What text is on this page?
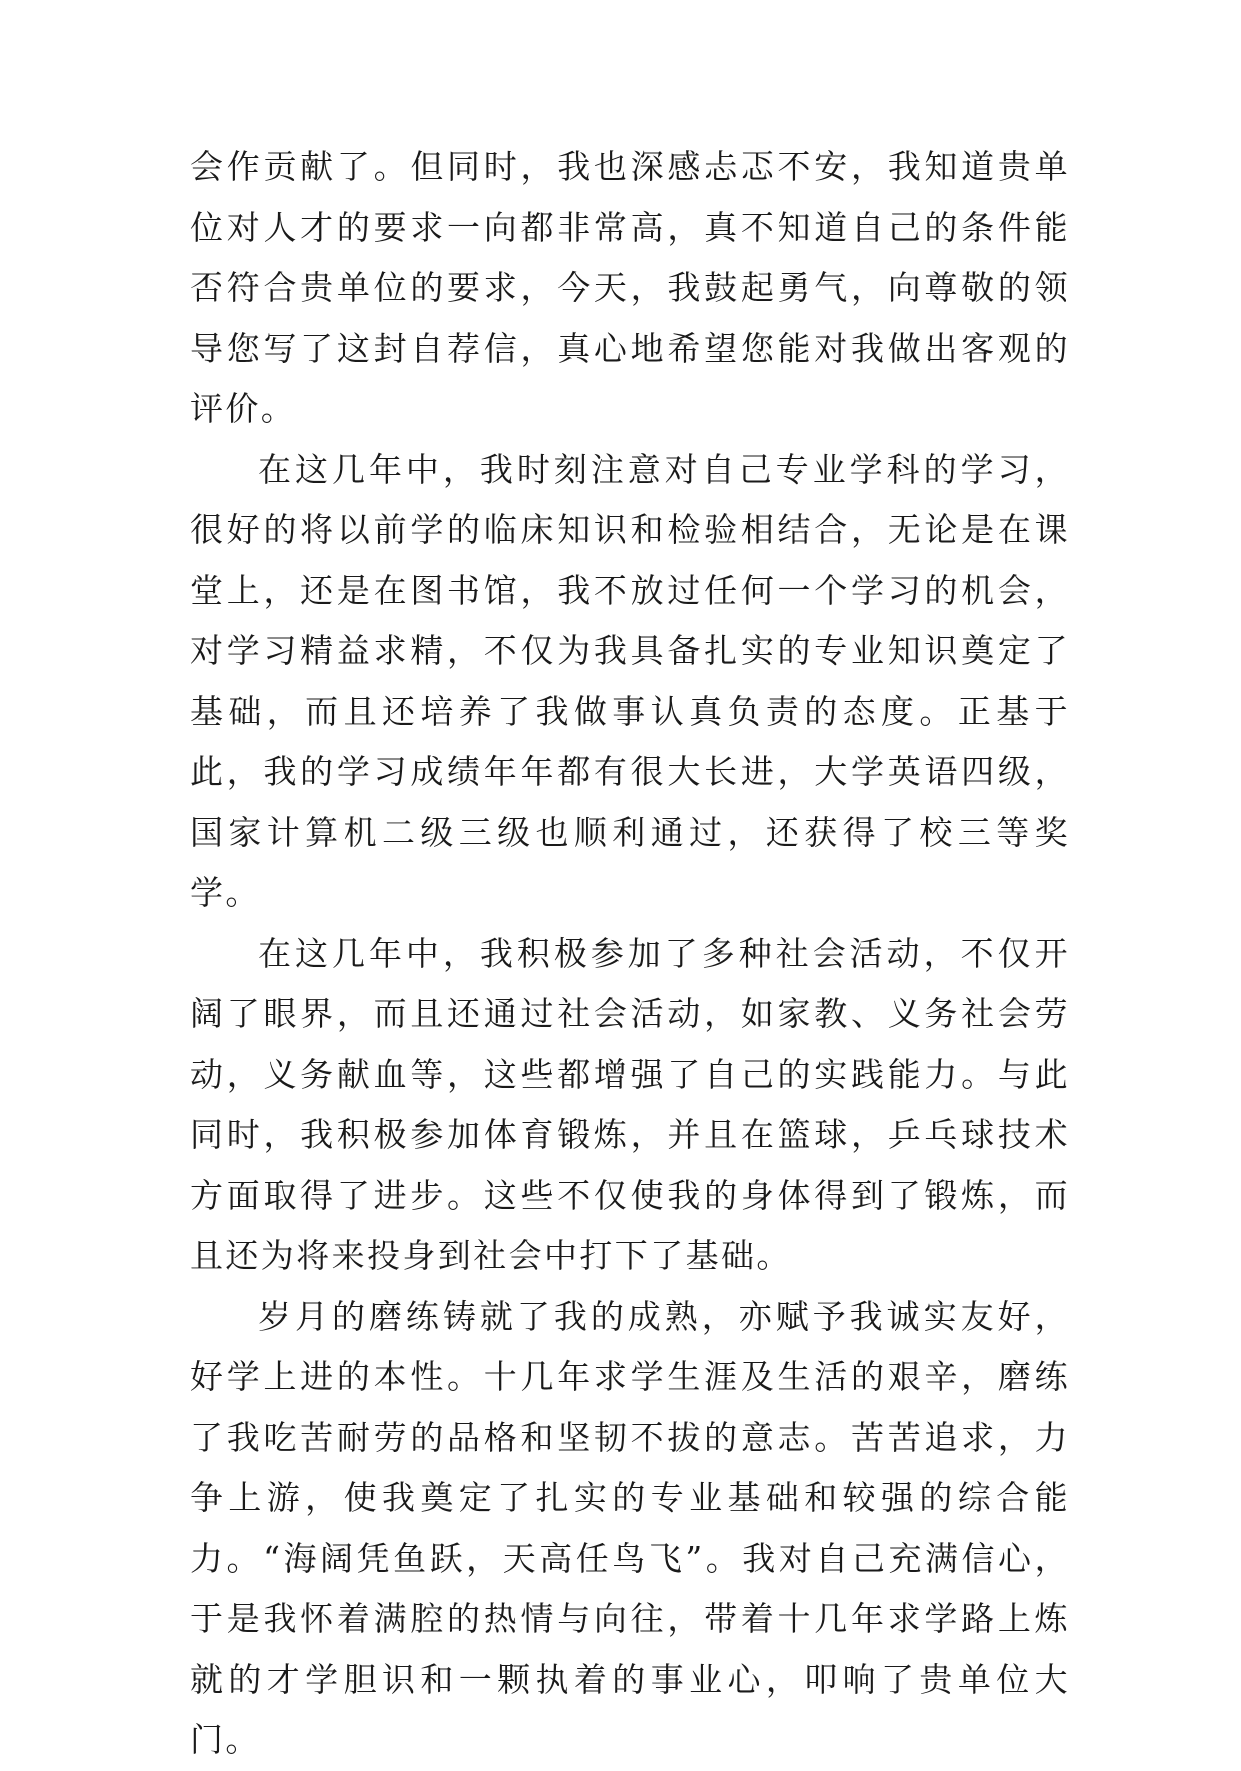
会作贡献了。但同时，我也深感忐忑不安，我知道贵单位对人才的要求一向都非常高，真不知道自己的条件能否符合贵单位的要求，今天，我鼓起勇气，向尊敬的领导您写了这封自荐信，真心地希望您能对我做出客观的评价。

在这几年中，我时刻注意对自己专业学科的学习，很好的将以前学的临床知识和检验相结合，无论是在课堂上，还是在图书馆，我不放过任何一个学习的机会，对学习精益求精，不仅为我具备扎实的专业知识奠定了基础，而且还培养了我做事认真负责的态度。正基于此，我的学习成绩年年都有很大长进，大学英语四级，国家计算机二级三级也顺利通过，还获得了校三等奖学。

在这几年中，我积极参加了多种社会活动，不仅开阔了眼界，而且还通过社会活动，如家教、义务社会劳动，义务献血等，这些都增强了自己的实践能力。与此同时，我积极参加体育锻炼，并且在篮球，乒乓球技术方面取得了进步。这些不仅使我的身体得到了锻炼，而且还为将来投身到社会中打下了基础。

岁月的磨练铸就了我的成熟，亦赋予我诚实友好，好学上进的本性。十几年求学生涯及生活的艰辛，磨练了我吃苦耐劳的品格和坚韧不拔的意志。苦苦追求，力争上游，使我奠定了扎实的专业基础和较强的综合能力。“海阔凭鱼跃，天高任鸟飞”。我对自己充满信心，于是我怀着满腔的热情与向往，带着十几年求学路上炼就的才学胆识和一颗执着的事业心，叩响了贵单位大门。
